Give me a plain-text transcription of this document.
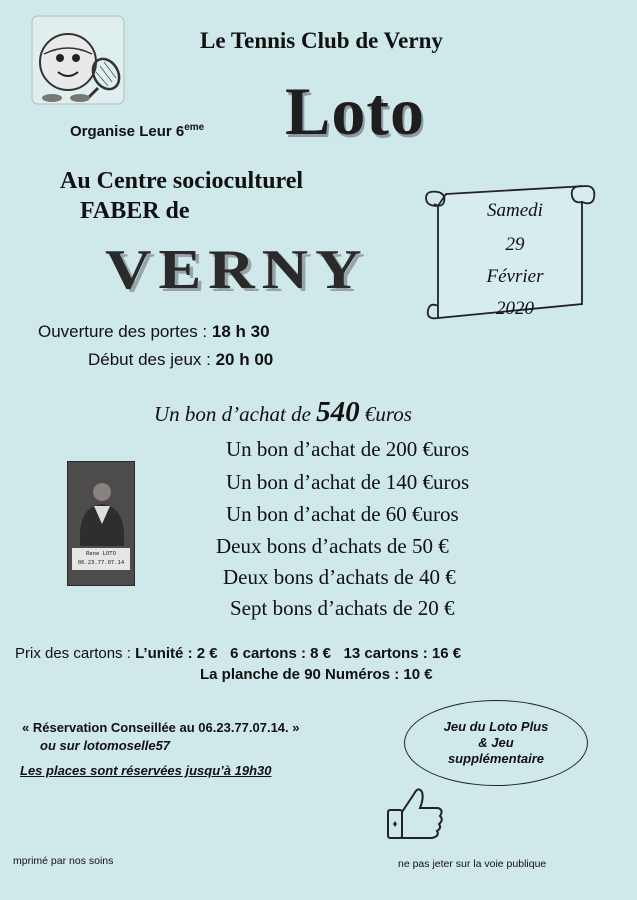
Le Tennis Club de Verny
Organise Leur 6eme Loto
Au Centre socioculturel
FABER de
VERNY
Samedi
29
Février
2020
Ouverture des portes : 18 h 30
Début des jeux : 20 h 00
Un bon d’achat de 540 €uros
Un bon d’achat de 200 €uros
Un bon d’achat de 140 €uros
Un bon d’achat de 60 €uros
Deux bons d’achats de 50 €
Deux bons d’achats de 40 €
Sept bons d’achats de 20 €
Rene LOTO
06.23.77.07.14
Prix des cartons : L’unité : 2 € 6 cartons : 8 € 13 cartons : 16 €
La planche de 90 Numéros : 10 €
« Réservation Conseillée au 06.23.77.07.14. »
ou sur lotomoselle57
Les places sont réservées jusqu’à 19h30
Jeu du Loto Plus
& Jeu
supplémentaire
mprimé par nos soins	ne pas jeter sur la voie publique
